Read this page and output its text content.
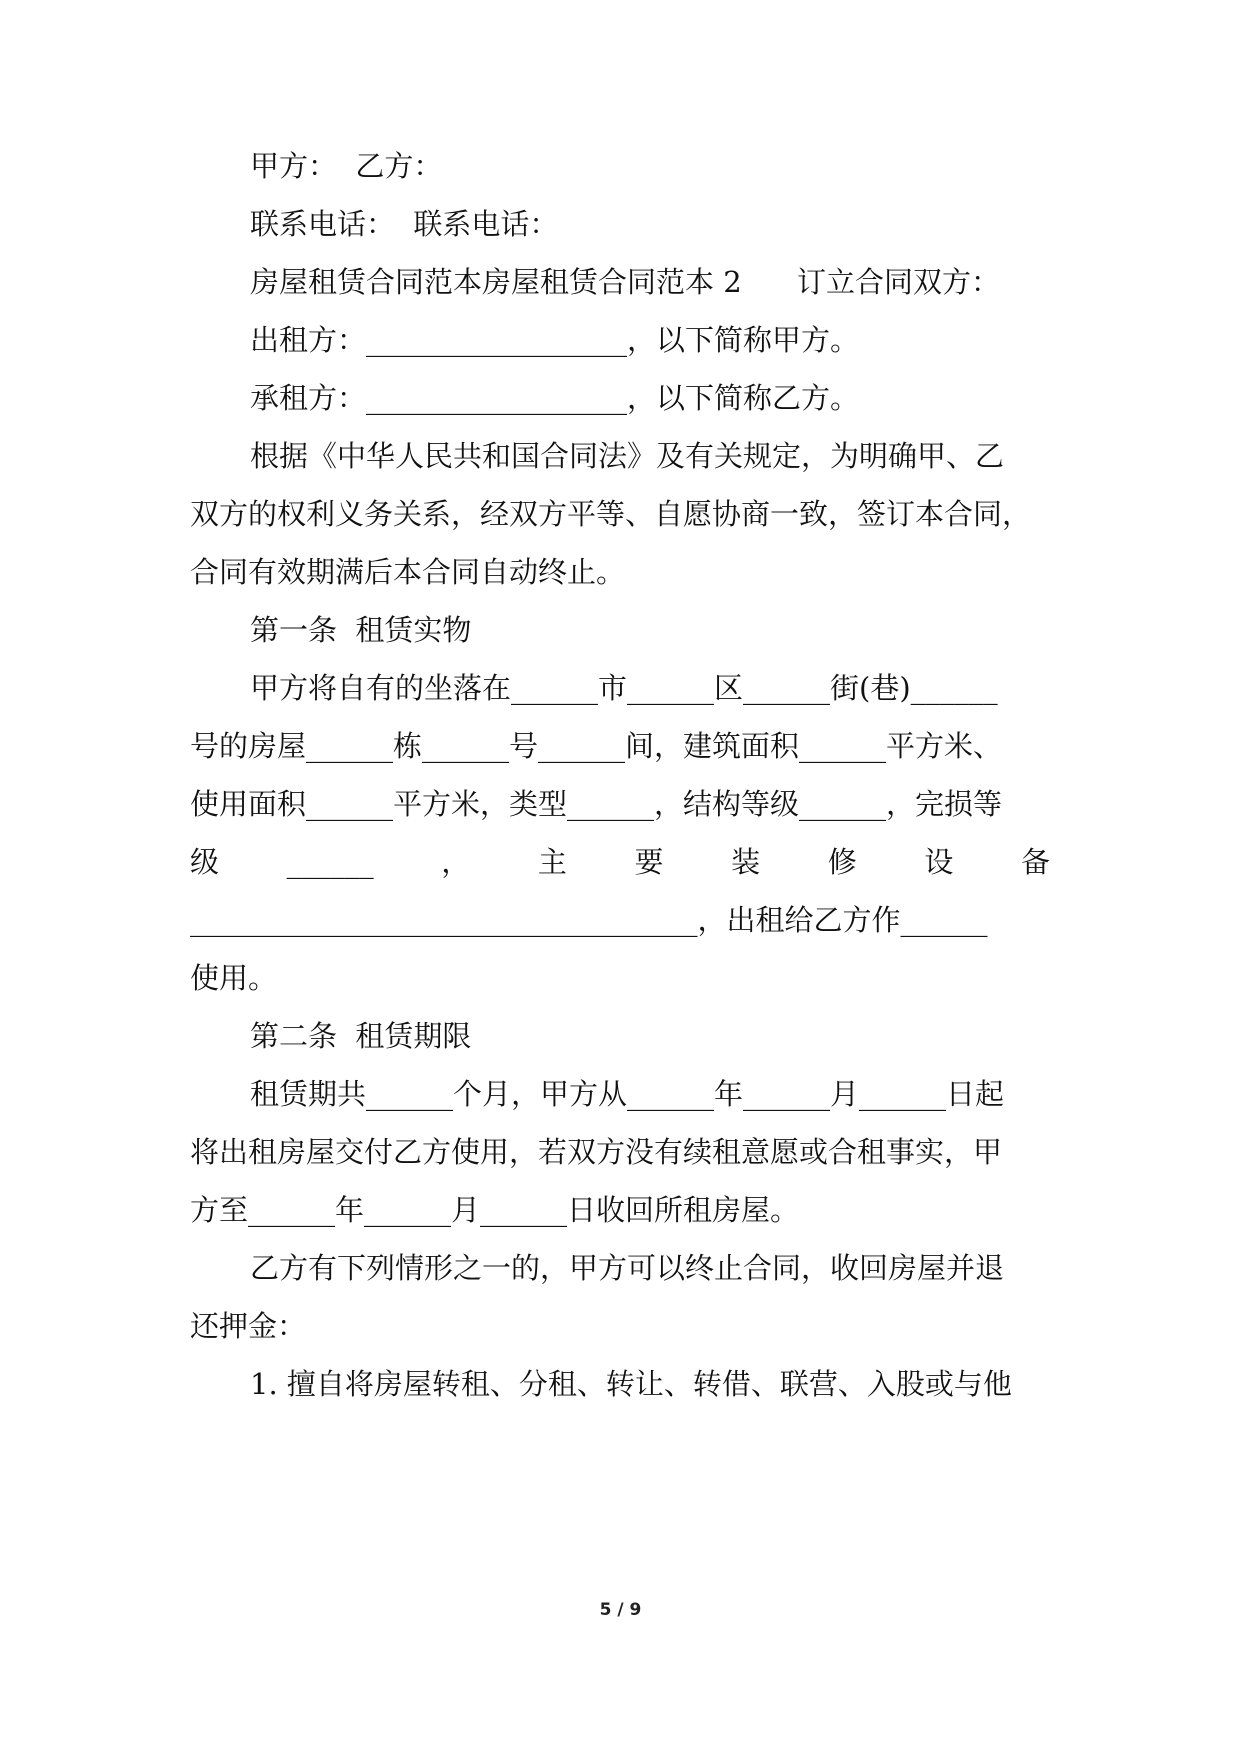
甲方：  乙方：
联系电话：  联系电话：
房屋租赁合同范本房屋租赁合同范本 2      订立合同双方：
出租方：__________________，以下简称甲方。
承租方：__________________，以下简称乙方。
根据《中华人民共和国合同法》及有关规定，为明确甲、乙
双方的权利义务关系，经双方平等、自愿协商一致，签订本合同，
合同有效期满后本合同自动终止。
第一条  租赁实物
甲方将自有的坐落在______市______区______街(巷)______
号的房屋______栋______号______间，建筑面积______平方米、
使用面积______平方米，类型______，结构等级______，完损等
级 ______ ， 主 要 装 修 设 备
___________________________________，出租给乙方作______
使用。
第二条  租赁期限
租赁期共______个月，甲方从______年______月______日起
将出租房屋交付乙方使用，若双方没有续租意愿或合租事实，甲
方至______年______月______日收回所租房屋。
乙方有下列情形之一的，甲方可以终止合同，收回房屋并退
还押金：
1. 擅自将房屋转租、分租、转让、转借、联营、入股或与他
5 / 9
